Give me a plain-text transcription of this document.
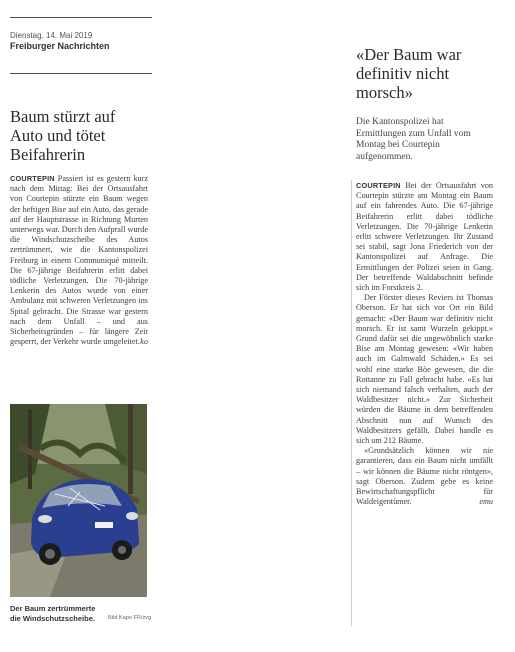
Dienstag, 14. Mai 2019
Freiburger Nachrichten
Baum stürzt auf
Auto und tötet
Beifahrerin

COURTEPIN Passiert ist es gestern kurz nach dem Mittag: Bei der Ortsausfahrt von Courtepin stürzte ein Baum wegen der heftigen Bise auf ein Auto, das gerade auf der Hauptstrasse in Richtung Murten unterwegs war. Durch den Aufprall wurde die Windschutzscheibe des Autos zertrümmert, wie die Kantonspolizei Freiburg in einem Communiqué mitteilt. Die 67-jährige Beifahrerin erlitt dabei tödliche Verletzungen. Die 70-jährige Lenkerin des Autos wurde von einer Ambulanz mit schweren Verletzungen ins Spital gebracht. Die Strasse war gestern nach dem Unfall – und aus Sicherheitsgründen – für längere Zeit gesperrt, der Verkehr wurde umgeleitet. ko

Der Baum zertrümmerte die Windschutzscheibe.	Bild Kapo FR/zvg
«Der Baum war
definitiv nicht
morsch»
Die Kantonspolizei hat Ermittlungen zum Unfall vom Montag bei Courtepin aufgenommen.

COURTEPIN Bei der Ortsausfahrt von Courtepin stürzte am Montag ein Baum auf ein fahrendes Auto. Die 67-jährige Beifahrerin erlitt dabei tödliche Verletzungen. Die 70-jährige Lenkerin erlitt schwere Verletzungen. Ihr Zustand sei stabil, sagt Jona Friederich von der Kantonspolizei auf Anfrage. Die Ermittlungen der Polizei seien in Gang. Der betreffende Waldabschnitt befinde sich im Forstkreis 2.

Der Förster dieses Reviers ist Thomas Oberson. Er hat sich vor Ort ein Bild gemacht: «Der Baum war definitiv nicht morsch. Er ist samt Wurzeln gekippt.» Grund dafür sei die ungewöhnlich starke Bise am Montag gewesen: «Wir haben auch im Galmwald Schäden.» Es sei wohl eine starke Böe gewesen, die die Rottanne zu Fall gebracht habe. «Es hat sich niemand falsch verhalten, auch der Waldbesitzer nicht.» Zur Sicherheit würden die Bäume in dem betreffenden Abschnitt nun auf Wunsch des Waldbesitzers gefällt. Dabei handle es sich um 212 Bäume.

«Grundsätzlich können wir nie garantieren, dass ein Baum nicht umfällt – wir können die Bäume nicht röntgen», sagt Oberson. Zudem gebe es keine Bewirtschaftungspflicht für Waldeigentümer.	emu
